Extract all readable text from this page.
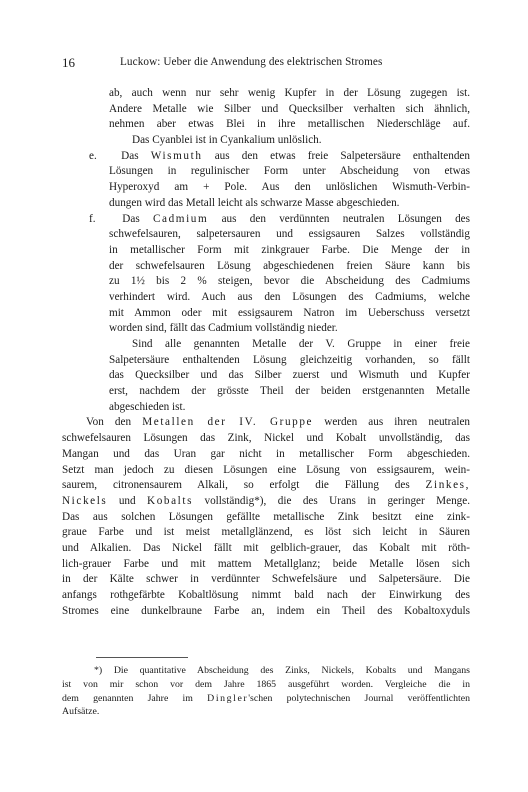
16	Luckow: Ueber die Anwendung des elektrischen Stromes
ab, auch wenn nur sehr wenig Kupfer in der Lösung zugegen ist.
Andere Metalle wie Silber und Quecksilber verhalten sich ähnlich,
nehmen aber etwas Blei in ihre metallischen Niederschläge auf.
Das Cyanblei ist in Cyankalium unlöslich.
e. Das Wismuth aus den etwas freie Salpetersäure enthaltenden
Lösungen in regulinischer Form unter Abscheidung von etwas
Hyperoxyd am + Pole. Aus den unlöslichen Wismuth-Verbin-
dungen wird das Metall leicht als schwarze Masse abgeschieden.
f. Das Cadmium aus den verdünnten neutralen Lösungen des
schwefelsauren, salpetersauren und essigsauren Salzes vollständig
in metallischer Form mit zinkgrauer Farbe. Die Menge der in
der schwefelsauren Lösung abgeschiedenen freien Säure kann bis
zu 1½ bis 2 % steigen, bevor die Abscheidung des Cadmiums
verhindert wird. Auch aus den Lösungen des Cadmiums, welche
mit Ammon oder mit essigsaurem Natron im Ueberschuss versetzt
worden sind, fällt das Cadmium vollständig nieder.
Sind alle genannten Metalle der V. Gruppe in einer freie
Salpetersäure enthaltenden Lösung gleichzeitig vorhanden, so fällt
das Quecksilber und das Silber zuerst und Wismuth und Kupfer
erst, nachdem der grösste Theil der beiden erstgenannten Metalle
abgeschieden ist.
Von den Metallen der IV. Gruppe werden aus ihren neutralen
schwefelsauren Lösungen das Zink, Nickel und Kobalt unvollständig, das
Mangan und das Uran gar nicht in metallischer Form abgeschieden.
Setzt man jedoch zu diesen Lösungen eine Lösung von essigsaurem, wein-
saurem, citronensaurem Alkali, so erfolgt die Fällung des Zinkes,
Nickels und Kobalts vollständig*), die des Urans in geringer Menge.
Das aus solchen Lösungen gefällte metallische Zink besitzt eine zink-
graue Farbe und ist meist metallglänzend, es löst sich leicht in Säuren
und Alkalien. Das Nickel fällt mit gelblich-grauer, das Kobalt mit röth-
lich-grauer Farbe und mit mattem Metallglanz; beide Metalle lösen sich
in der Kälte schwer in verdünnter Schwefelsäure und Salpetersäure. Die
anfangs rothgefärbte Kobaltlösung nimmt bald nach der Einwirkung des
Stromes eine dunkelbraune Farbe an, indem ein Theil des Kobaltoxyduls
*) Die quantitative Abscheidung des Zinks, Nickels, Kobalts und Mangans
ist von mir schon vor dem Jahre 1865 ausgeführt worden. Vergleiche die in
dem genannten Jahre im Dingler'schen polytechnischen Journal veröffentlichten
Aufsätze.
